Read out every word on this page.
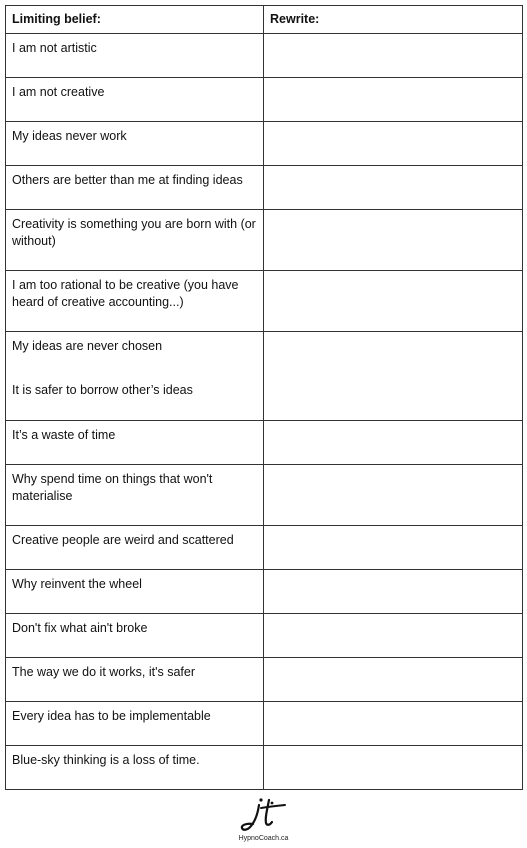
Limiting belief:	Rewrite:

I am not artistic	

I am not creative	

My ideas never work	

Others are better than me at finding ideas	

Creativity is something you are born with (or without)	

I am too rational to be creative (you have heard of creative accounting...)	

My ideas are never chosen
It is safer to borrow other’s ideas	

It’s a waste of time	

Why spend time on things that won't materialise	

Creative people are weird and scattered	

Why reinvent the wheel	

Don't fix what ain't broke	

The way we do it works, it's safer	

Every idea has to be implementable	

Blue-sky thinking is a loss of time.	

HypnoCoach.ca
